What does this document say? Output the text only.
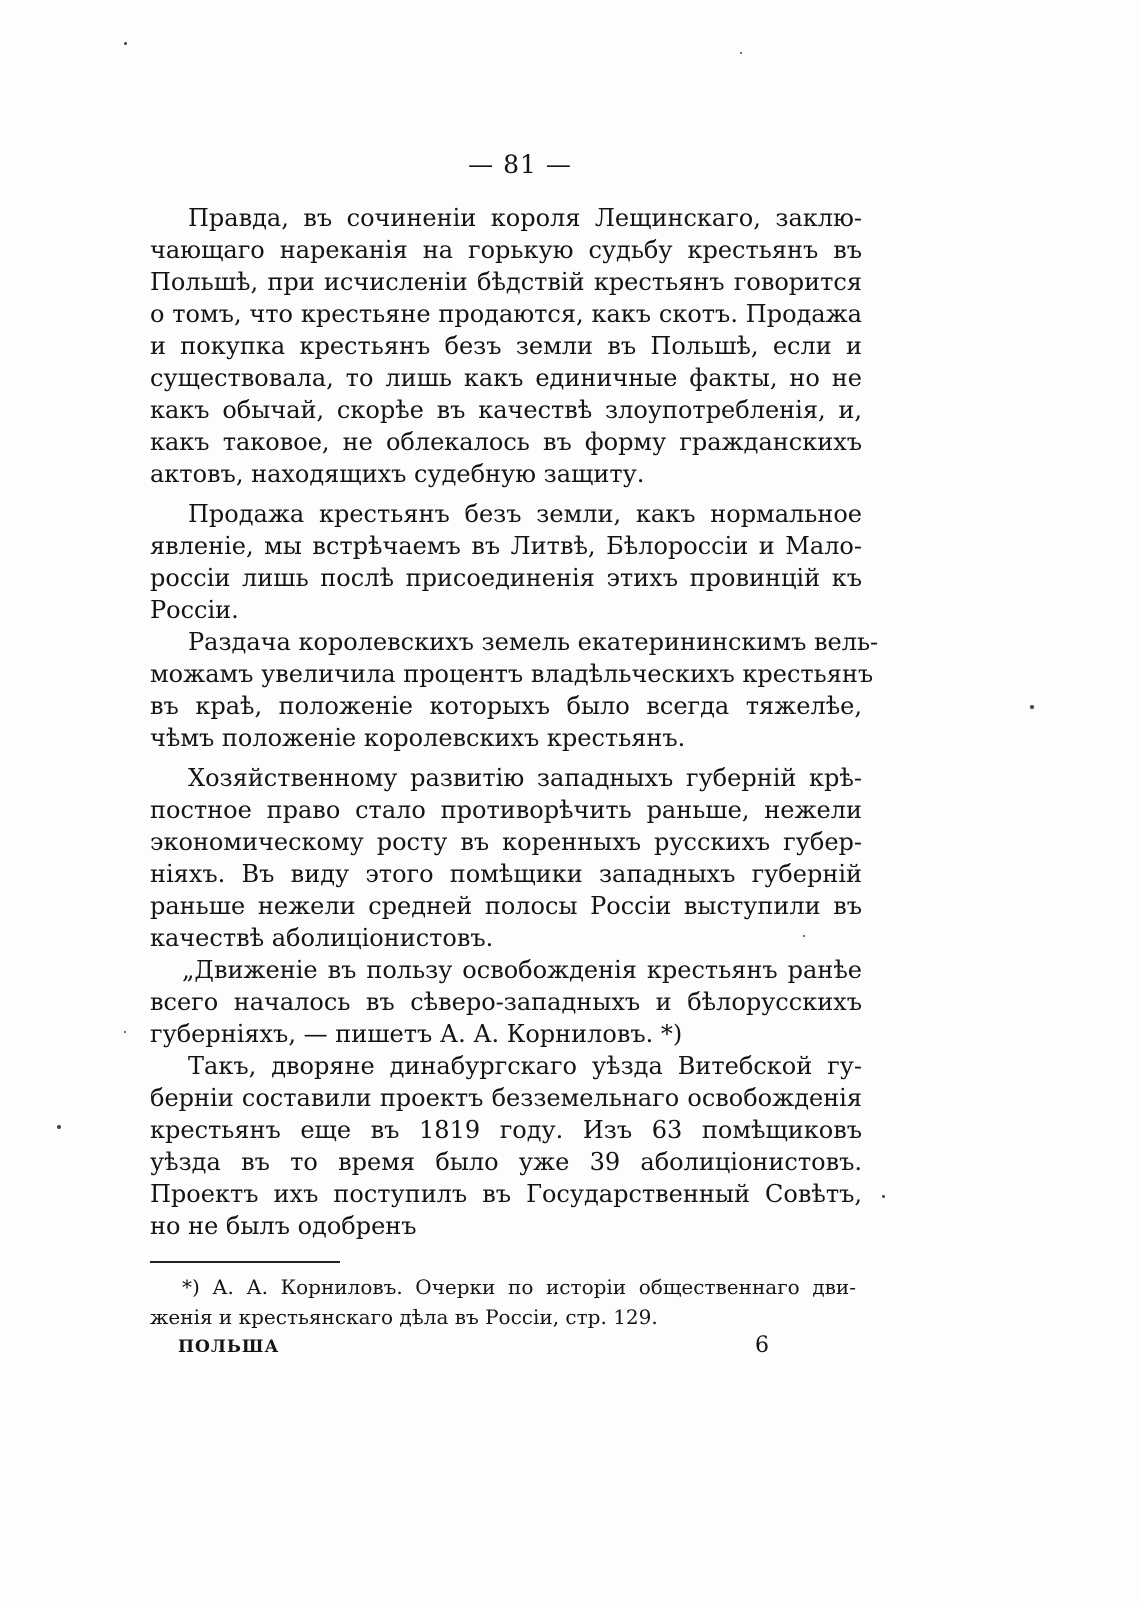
— 81 —
Правда, въ сочиненіи короля Лещинскаго, заклю-
чающаго нареканія на горькую судьбу крестьянъ въ
Польшѣ, при исчисленіи бѣдствій крестьянъ говорится
о томъ, что крестьяне продаются, какъ скотъ. Продажа
и покупка крестьянъ безъ земли въ Польшѣ, если и
существовала, то лишь какъ единичные факты, но не
какъ обычай, скорѣе въ качествѣ злоупотребленія, и,
какъ таковое, не облекалось въ форму гражданскихъ
актовъ, находящихъ судебную защиту.
Продажа крестьянъ безъ земли, какъ нормальное
явленіе, мы встрѣчаемъ въ Литвѣ, Бѣлороссіи и Мало-
россіи лишь послѣ присоединенія этихъ провинцій къ
Россіи.
Раздача королевскихъ земель екатерининскимъ вель-
можамъ увеличила процентъ владѣльческихъ крестьянъ
въ краѣ, положеніе которыхъ было всегда тяжелѣе,
чѣмъ положеніе королевскихъ крестьянъ.
Хозяйственному развитію западныхъ губерній крѣ-
постное право стало противорѣчить раньше, нежели
экономическому росту въ коренныхъ русскихъ губер-
ніяхъ. Въ виду этого помѣщики западныхъ губерній
раньше нежели средней полосы Россіи выступили въ
качествѣ аболиціонистовъ.
„Движеніе въ пользу освобожденія крестьянъ ранѣе
всего началось въ сѣверо-западныхъ и бѣлорусскихъ
губерніяхъ, — пишетъ А. А. Корниловъ. *)
Такъ, дворяне динабургскаго уѣзда Витебской гу-
берніи составили проектъ безземельнаго освобожденія
крестьянъ еще въ 1819 году. Изъ 63 помѣщиковъ
уѣзда въ то время было уже 39 аболиціонистовъ.
Проектъ ихъ поступилъ въ Государственный Совѣтъ,
но не былъ одобренъ
*) А. А. Корниловъ. Очерки по исторіи общественнаго дви-
женія и крестьянскаго дѣла въ Россіи, стр. 129.
ПОЛЬША	6
